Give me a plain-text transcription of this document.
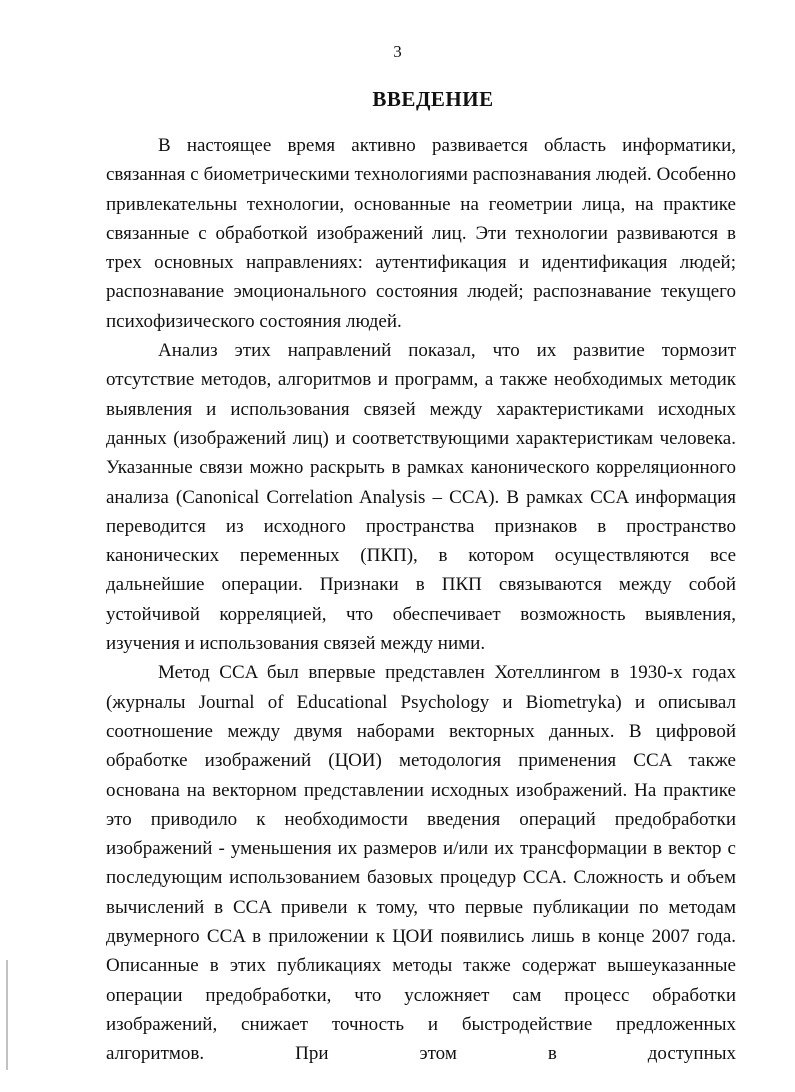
3
ВВЕДЕНИЕ

В настоящее время активно развивается область информатики, связанная с биометрическими технологиями распознавания людей. Особенно привлекательны технологии, основанные на геометрии лица, на практике связанные с обработкой изображений лиц. Эти технологии развиваются в трех основных направлениях: аутентификация и идентификация людей; распознавание эмоционального состояния людей; распознавание текущего психофизического состояния людей.

Анализ этих направлений показал, что их развитие тормозит отсутствие методов, алгоритмов и программ, а также необходимых методик выявления и использования связей между характеристиками исходных данных (изображений лиц) и соответствующими характеристикам человека. Указанные связи можно раскрыть в рамках канонического корреляционного анализа (Canonical Correlation Analysis – CCA). В рамках CCA информация переводится из исходного пространства признаков в пространство канонических переменных (ПКП), в котором осуществляются все дальнейшие операции. Признаки в ПКП связываются между собой устойчивой корреляцией, что обеспечивает возможность выявления, изучения и использования связей между ними.

Метод CCA был впервые представлен Хотеллингом в 1930-х годах (журналы Journal of Educational Psychology и Biometryka) и описывал соотношение между двумя наборами векторных данных. В цифровой обработке изображений (ЦОИ) методология применения CCA также основана на векторном представлении исходных изображений. На практике это приводило к необходимости введения операций предобработки изображений - уменьшения их размеров и/или их трансформации в вектор с последующим использованием базовых процедур CCA. Сложность и объем вычислений в CCA привели к тому, что первые публикации по методам двумерного CCA в приложении к ЦОИ появились лишь в конце 2007 года. Описанные в этих публикациях методы также содержат вышеуказанные операции предобработки, что усложняет сам процесс обработки изображений, снижает точность и быстродействие предложенных алгоритмов. При этом в доступных
